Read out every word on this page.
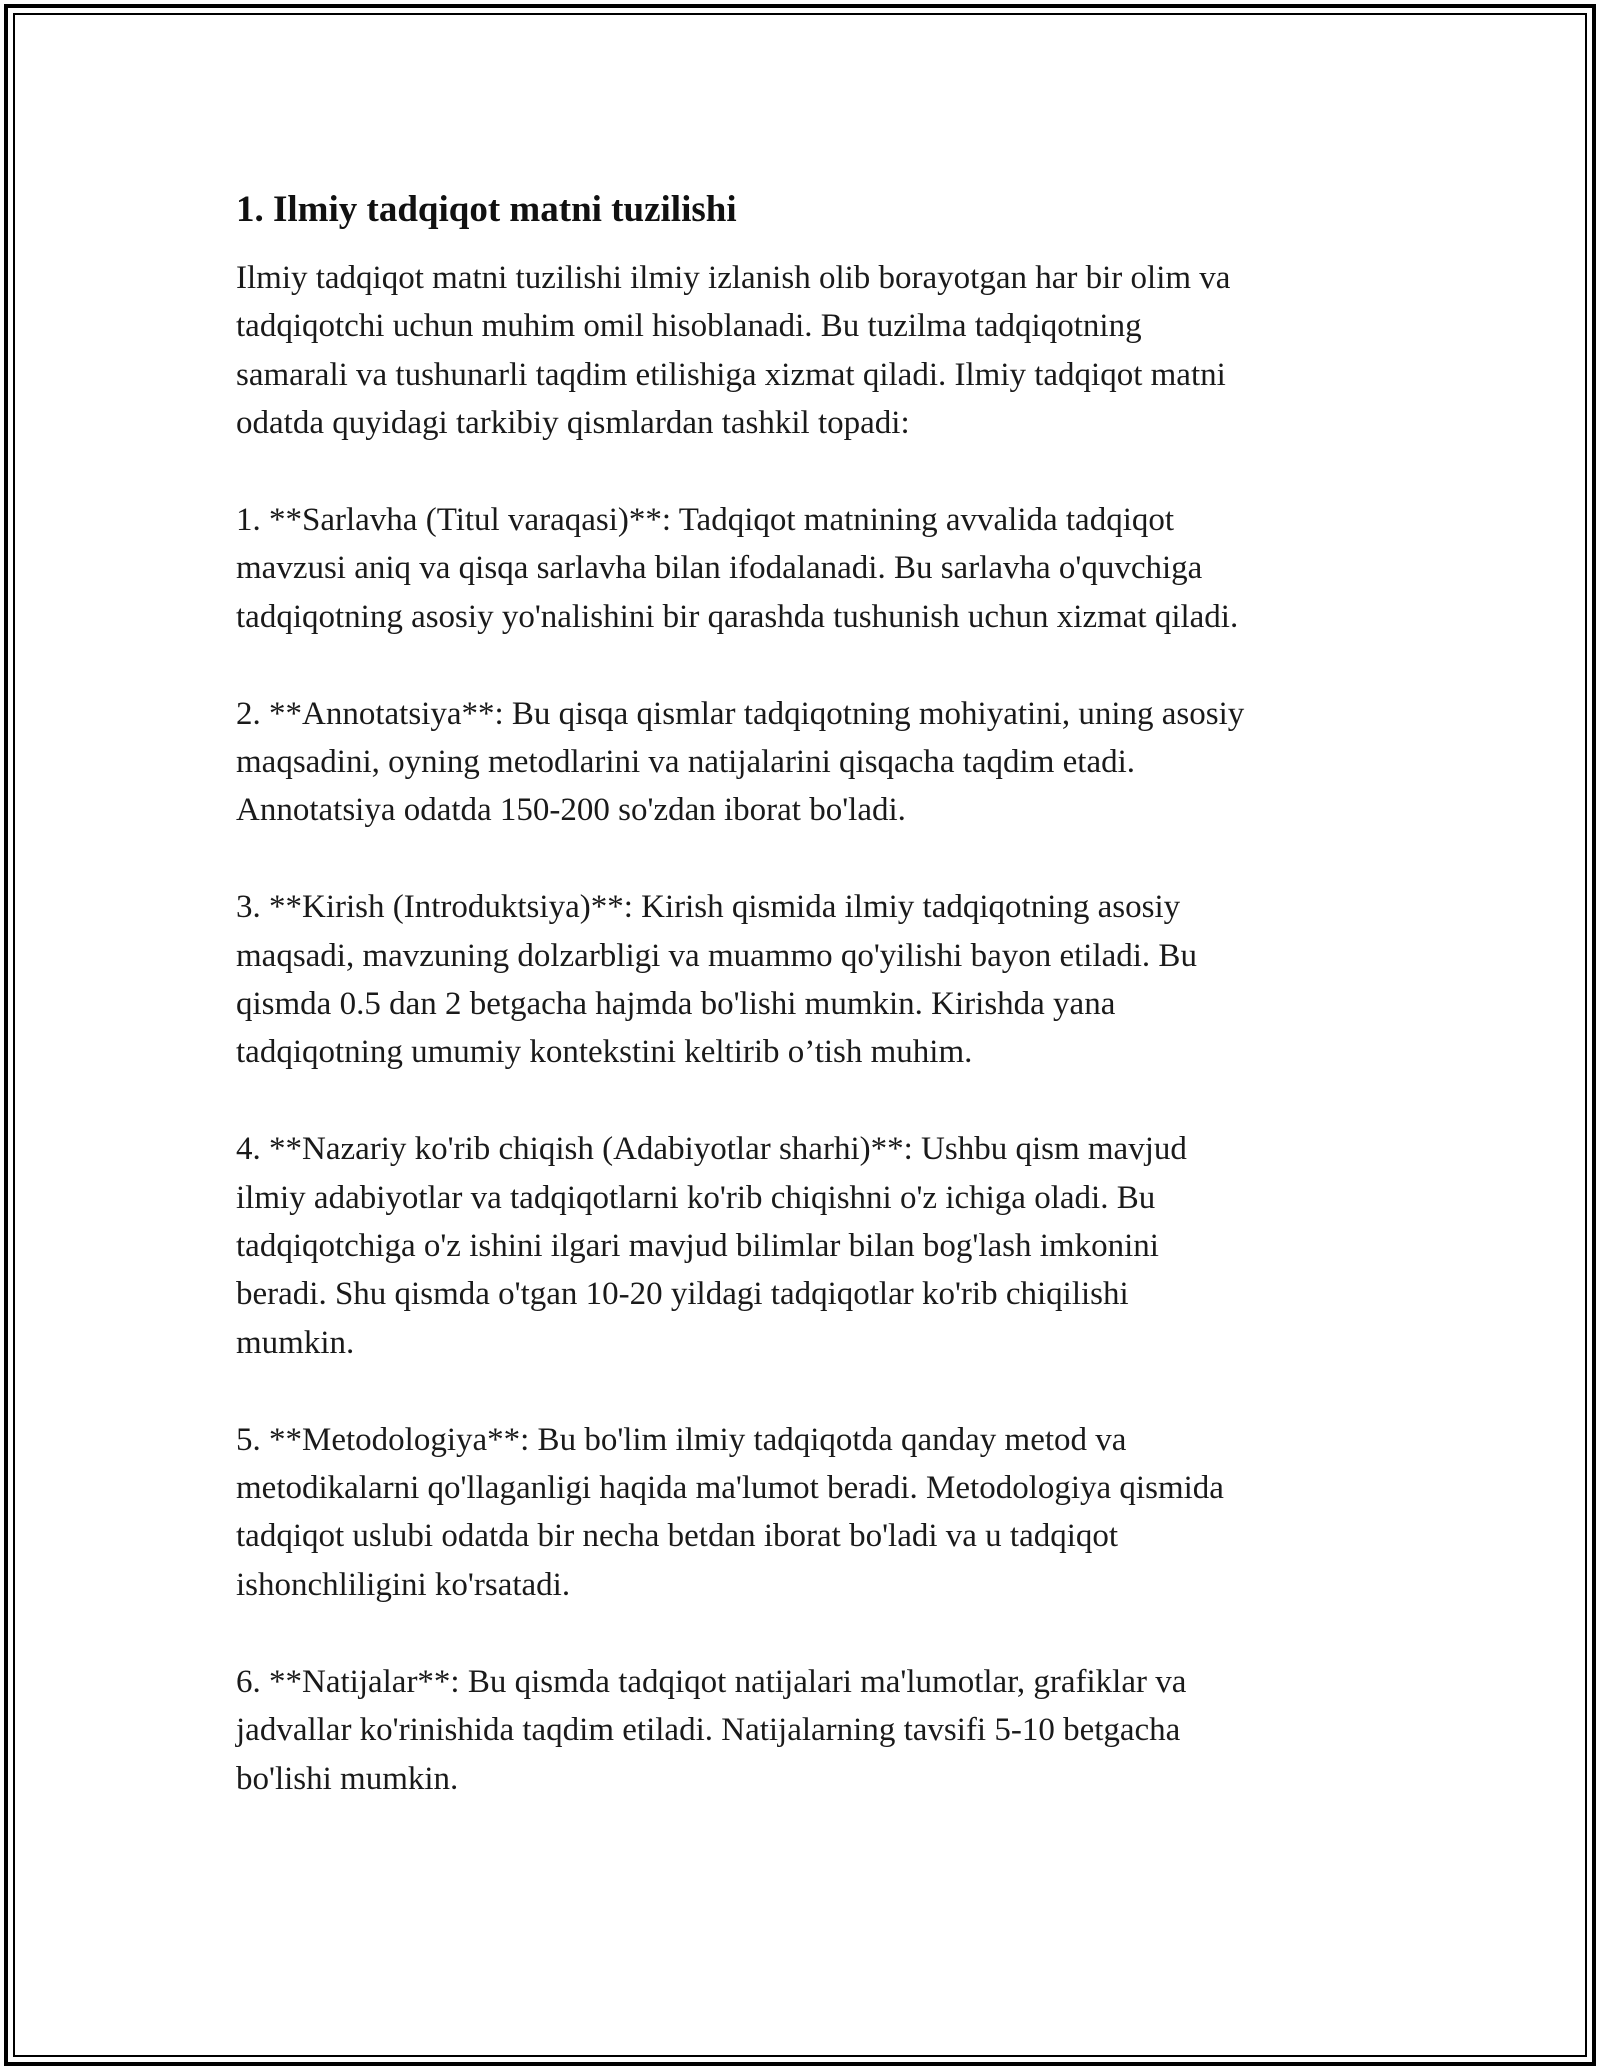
1. Ilmiy tadqiqot matni tuzilishi

Ilmiy tadqiqot matni tuzilishi ilmiy izlanish olib borayotgan har bir olim va
tadqiqotchi uchun muhim omil hisoblanadi. Bu tuzilma tadqiqotning
samarali va tushunarli taqdim etilishiga xizmat qiladi. Ilmiy tadqiqot matni
odatda quyidagi tarkibiy qismlardan tashkil topadi:

1. **Sarlavha (Titul varaqasi)**: Tadqiqot matnining avvalida tadqiqot
mavzusi aniq va qisqa sarlavha bilan ifodalanadi. Bu sarlavha o'quvchiga
tadqiqotning asosiy yo'nalishini bir qarashda tushunish uchun xizmat qiladi.

2. **Annotatsiya**: Bu qisqa qismlar tadqiqotning mohiyatini, uning asosiy
maqsadini, oyning metodlarini va natijalarini qisqacha taqdim etadi.
Annotatsiya odatda 150-200 so'zdan iborat bo'ladi.

3. **Kirish (Introduktsiya)**: Kirish qismida ilmiy tadqiqotning asosiy
maqsadi, mavzuning dolzarbligi va muammo qo'yilishi bayon etiladi. Bu
qismda 0.5 dan 2 betgacha hajmda bo'lishi mumkin. Kirishda yana
tadqiqotning umumiy kontekstini keltirib o’tish muhim.

4. **Nazariy ko'rib chiqish (Adabiyotlar sharhi)**: Ushbu qism mavjud
ilmiy adabiyotlar va tadqiqotlarni ko'rib chiqishni o'z ichiga oladi. Bu
tadqiqotchiga o'z ishini ilgari mavjud bilimlar bilan bog'lash imkonini
beradi. Shu qismda o'tgan 10-20 yildagi tadqiqotlar ko'rib chiqilishi
mumkin.

5. **Metodologiya**: Bu bo'lim ilmiy tadqiqotda qanday metod va
metodikalarni qo'llaganligi haqida ma'lumot beradi. Metodologiya qismida
tadqiqot uslubi odatda bir necha betdan iborat bo'ladi va u tadqiqot
ishonchliligini ko'rsatadi.

6. **Natijalar**: Bu qismda tadqiqot natijalari ma'lumotlar, grafiklar va
jadvallar ko'rinishida taqdim etiladi. Natijalarning tavsifi 5-10 betgacha
bo'lishi mumkin.
